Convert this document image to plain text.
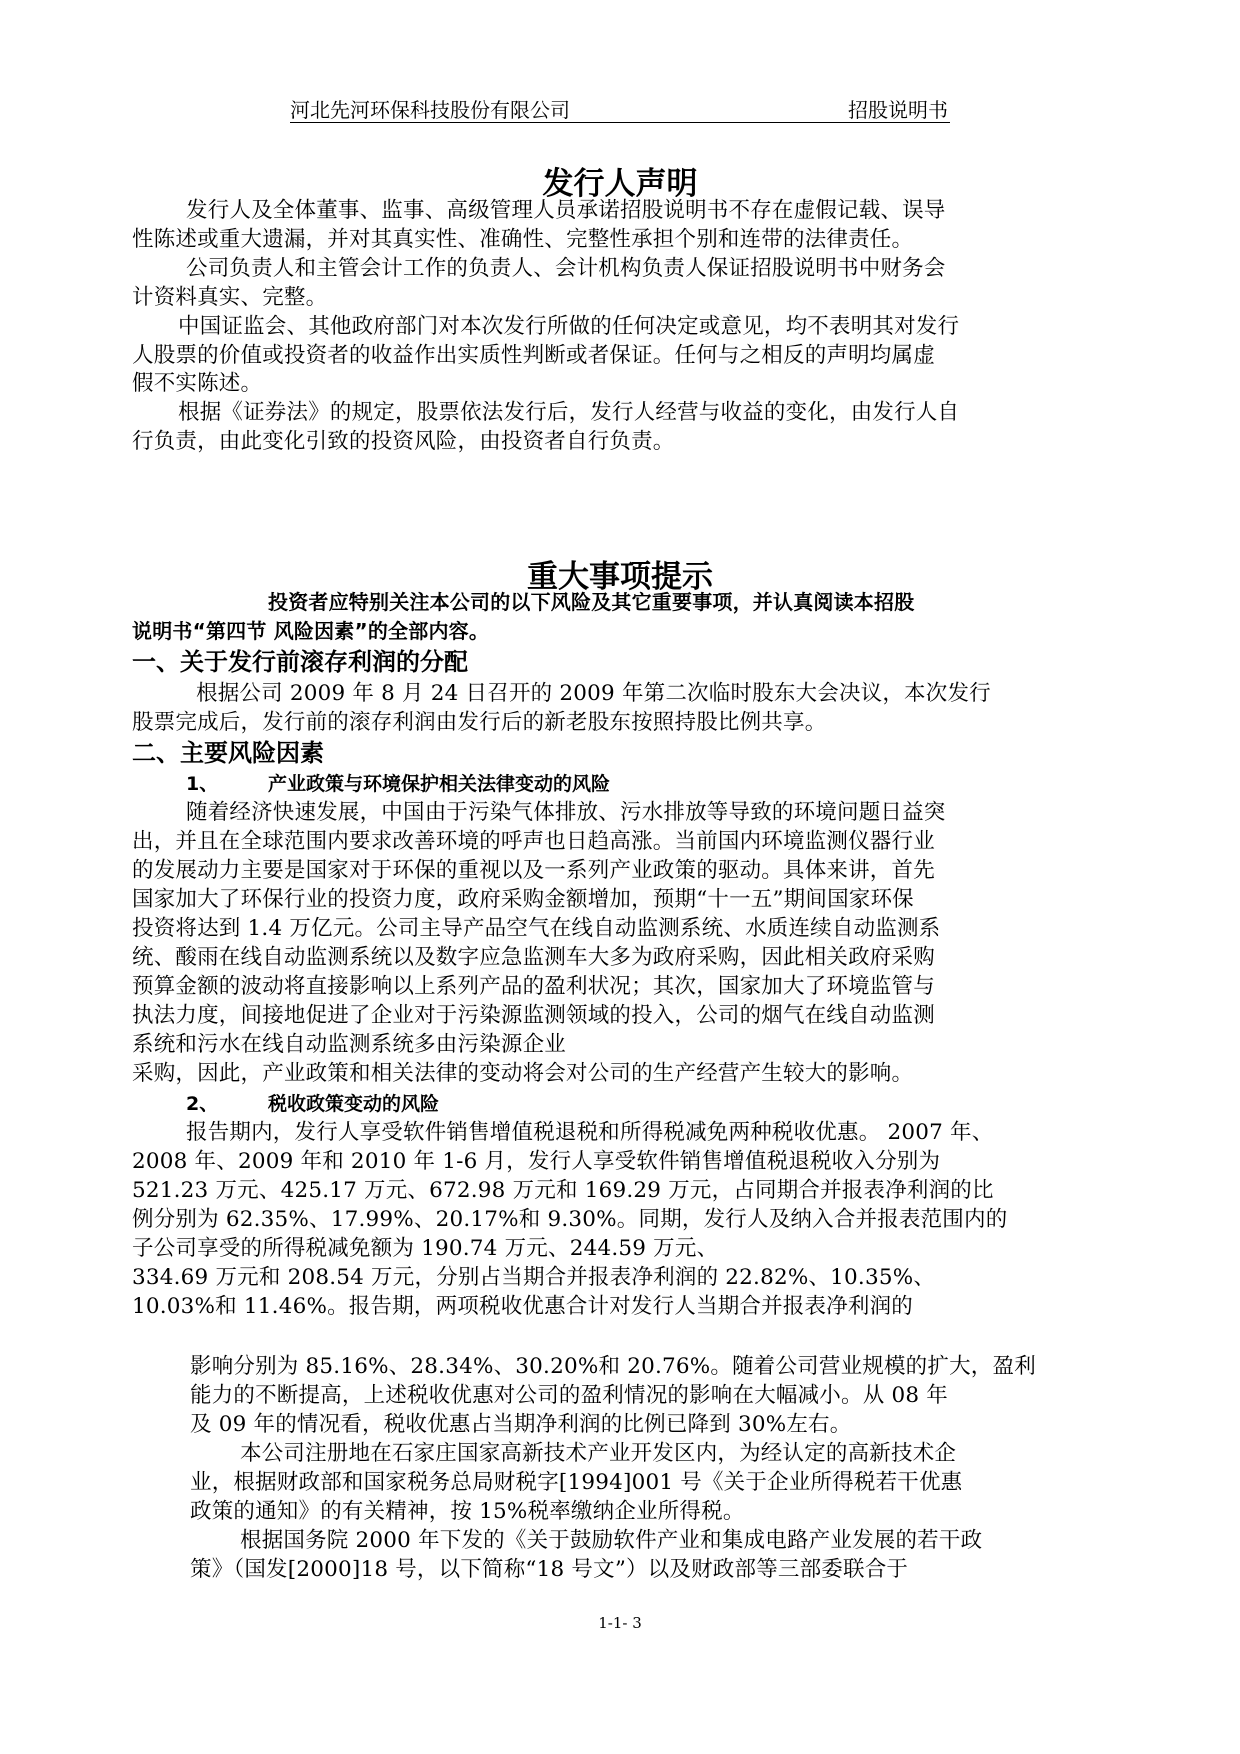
河北先河环保科技股份有限公司	招股说明书
发行人声明
发行人及全体董事、监事、高级管理人员承诺招股说明书不存在虚假记载、误导
性陈述或重大遗漏，并对其真实性、准确性、完整性承担个别和连带的法律责任。
公司负责人和主管会计工作的负责人、会计机构负责人保证招股说明书中财务会
计资料真实、完整。
中国证监会、其他政府部门对本次发行所做的任何决定或意见，均不表明其对发行
人股票的价值或投资者的收益作出实质性判断或者保证。任何与之相反的声明均属虚
假不实陈述。
根据《证券法》的规定，股票依法发行后，发行人经营与收益的变化，由发行人自
行负责，由此变化引致的投资风险，由投资者自行负责。
重大事项提示
投资者应特别关注本公司的以下风险及其它重要事项，并认真阅读本招股
说明书“第四节 风险因素”的全部内容。
一、关于发行前滚存利润的分配
根据公司 2009 年 8 月 24 日召开的 2009 年第二次临时股东大会决议，本次发行
股票完成后，发行前的滚存利润由发行后的新老股东按照持股比例共享。
二、主要风险因素
1、	产业政策与环境保护相关法律变动的风险
随着经济快速发展，中国由于污染气体排放、污水排放等导致的环境问题日益突
出，并且在全球范围内要求改善环境的呼声也日趋高涨。当前国内环境监测仪器行业
的发展动力主要是国家对于环保的重视以及一系列产业政策的驱动。具体来讲，首先
国家加大了环保行业的投资力度，政府采购金额增加，预期“十一五”期间国家环保
投资将达到 1.4 万亿元。公司主导产品空气在线自动监测系统、水质连续自动监测系
统、酸雨在线自动监测系统以及数字应急监测车大多为政府采购，因此相关政府采购
预算金额的波动将直接影响以上系列产品的盈利状况；其次，国家加大了环境监管与
执法力度，间接地促进了企业对于污染源监测领域的投入，公司的烟气在线自动监测
系统和污水在线自动监测系统多由污染源企业
采购，因此，产业政策和相关法律的变动将会对公司的生产经营产生较大的影响。
2、	税收政策变动的风险
报告期内，发行人享受软件销售增值税退税和所得税减免两种税收优惠。 2007 年、
2008 年、2009 年和 2010 年 1-6 月，发行人享受软件销售增值税退税收入分别为
521.23 万元、425.17 万元、672.98 万元和 169.29 万元，占同期合并报表净利润的比
例分别为 62.35%、17.99%、20.17%和 9.30%。同期，发行人及纳入合并报表范围内的
子公司享受的所得税减免额为 190.74 万元、244.59 万元、
334.69 万元和 208.54 万元，分别占当期合并报表净利润的 22.82%、10.35%、
10.03%和 11.46%。报告期，两项税收优惠合计对发行人当期合并报表净利润的
影响分别为 85.16%、28.34%、30.20%和 20.76%。随着公司营业规模的扩大，盈利
能力的不断提高，上述税收优惠对公司的盈利情况的影响在大幅减小。从 08 年
及 09 年的情况看，税收优惠占当期净利润的比例已降到 30%左右。
本公司注册地在石家庄国家高新技术产业开发区内，为经认定的高新技术企
业，根据财政部和国家税务总局财税字[1994]001 号《关于企业所得税若干优惠
政策的通知》的有关精神，按 15%税率缴纳企业所得税。
根据国务院 2000 年下发的《关于鼓励软件产业和集成电路产业发展的若干政
策》（国发[2000]18 号，以下简称“18 号文”）以及财政部等三部委联合于
1-1- 3
